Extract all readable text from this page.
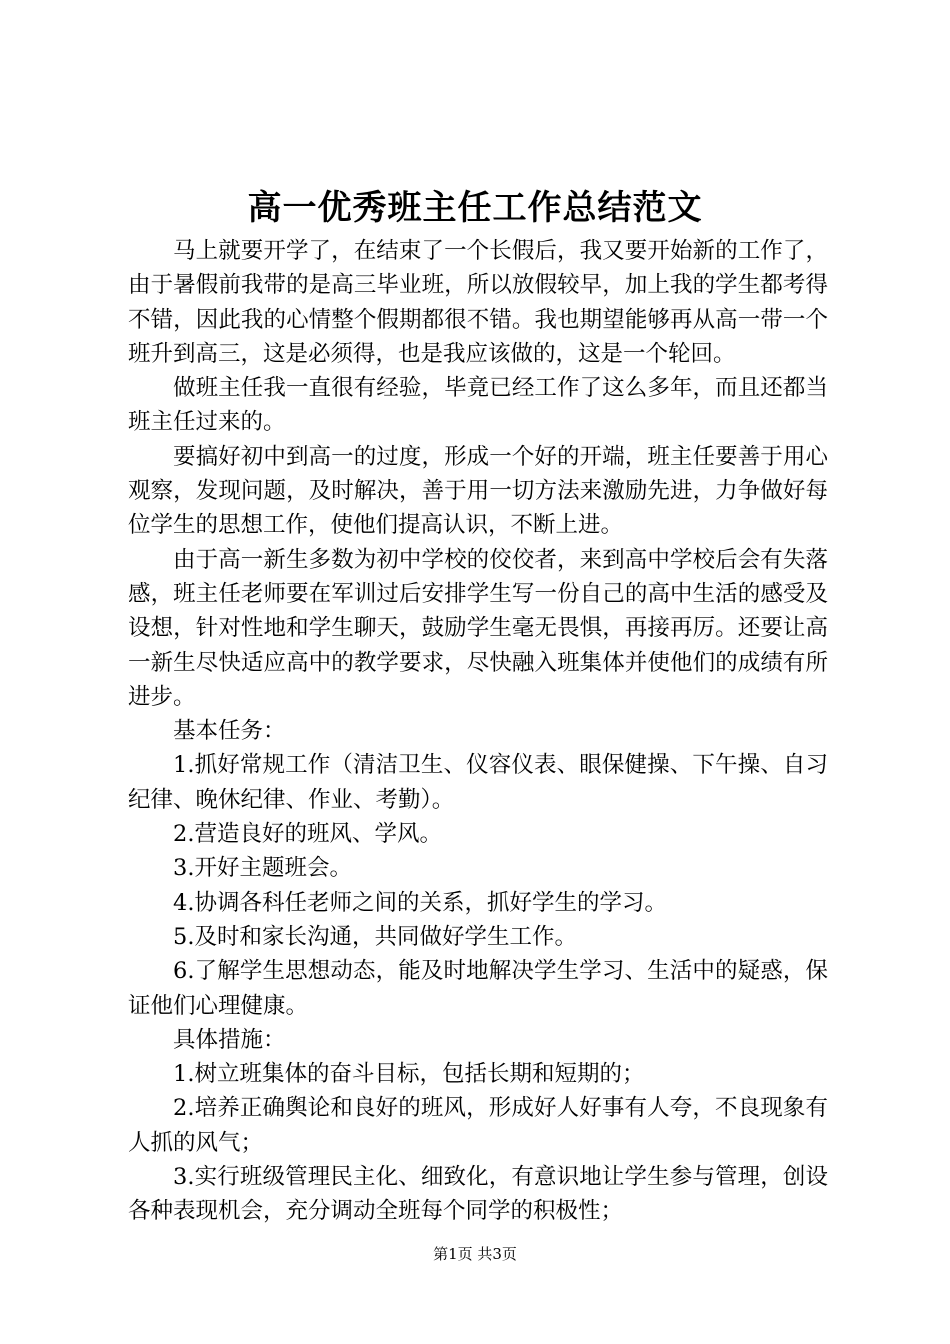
高一优秀班主任工作总结范文

马上就要开学了，在结束了一个长假后，我又要开始新的工作了，由于暑假前我带的是高三毕业班，所以放假较早，加上我的学生都考得不错，因此我的心情整个假期都很不错。我也期望能够再从高一带一个班升到高三，这是必须得，也是我应该做的，这是一个轮回。

做班主任我一直很有经验，毕竟已经工作了这么多年，而且还都当班主任过来的。

要搞好初中到高一的过度，形成一个好的开端，班主任要善于用心观察，发现问题，及时解决，善于用一切方法来激励先进，力争做好每位学生的思想工作，使他们提高认识，不断上进。

由于高一新生多数为初中学校的佼佼者，来到高中学校后会有失落感，班主任老师要在军训过后安排学生写一份自己的高中生活的感受及设想，针对性地和学生聊天，鼓励学生毫无畏惧，再接再厉。还要让高一新生尽快适应高中的教学要求，尽快融入班集体并使他们的成绩有所进步。

基本任务：

1.抓好常规工作（清洁卫生、仪容仪表、眼保健操、下午操、自习纪律、晚休纪律、作业、考勤）。

2.营造良好的班风、学风。

3.开好主题班会。

4.协调各科任老师之间的关系，抓好学生的学习。

5.及时和家长沟通，共同做好学生工作。

6.了解学生思想动态，能及时地解决学生学习、生活中的疑惑，保证他们心理健康。

具体措施：

1.树立班集体的奋斗目标，包括长期和短期的；

2.培养正确舆论和良好的班风，形成好人好事有人夸，不良现象有人抓的风气；

3.实行班级管理民主化、细致化，有意识地让学生参与管理，创设各种表现机会，充分调动全班每个同学的积极性；

第1页 共3页
